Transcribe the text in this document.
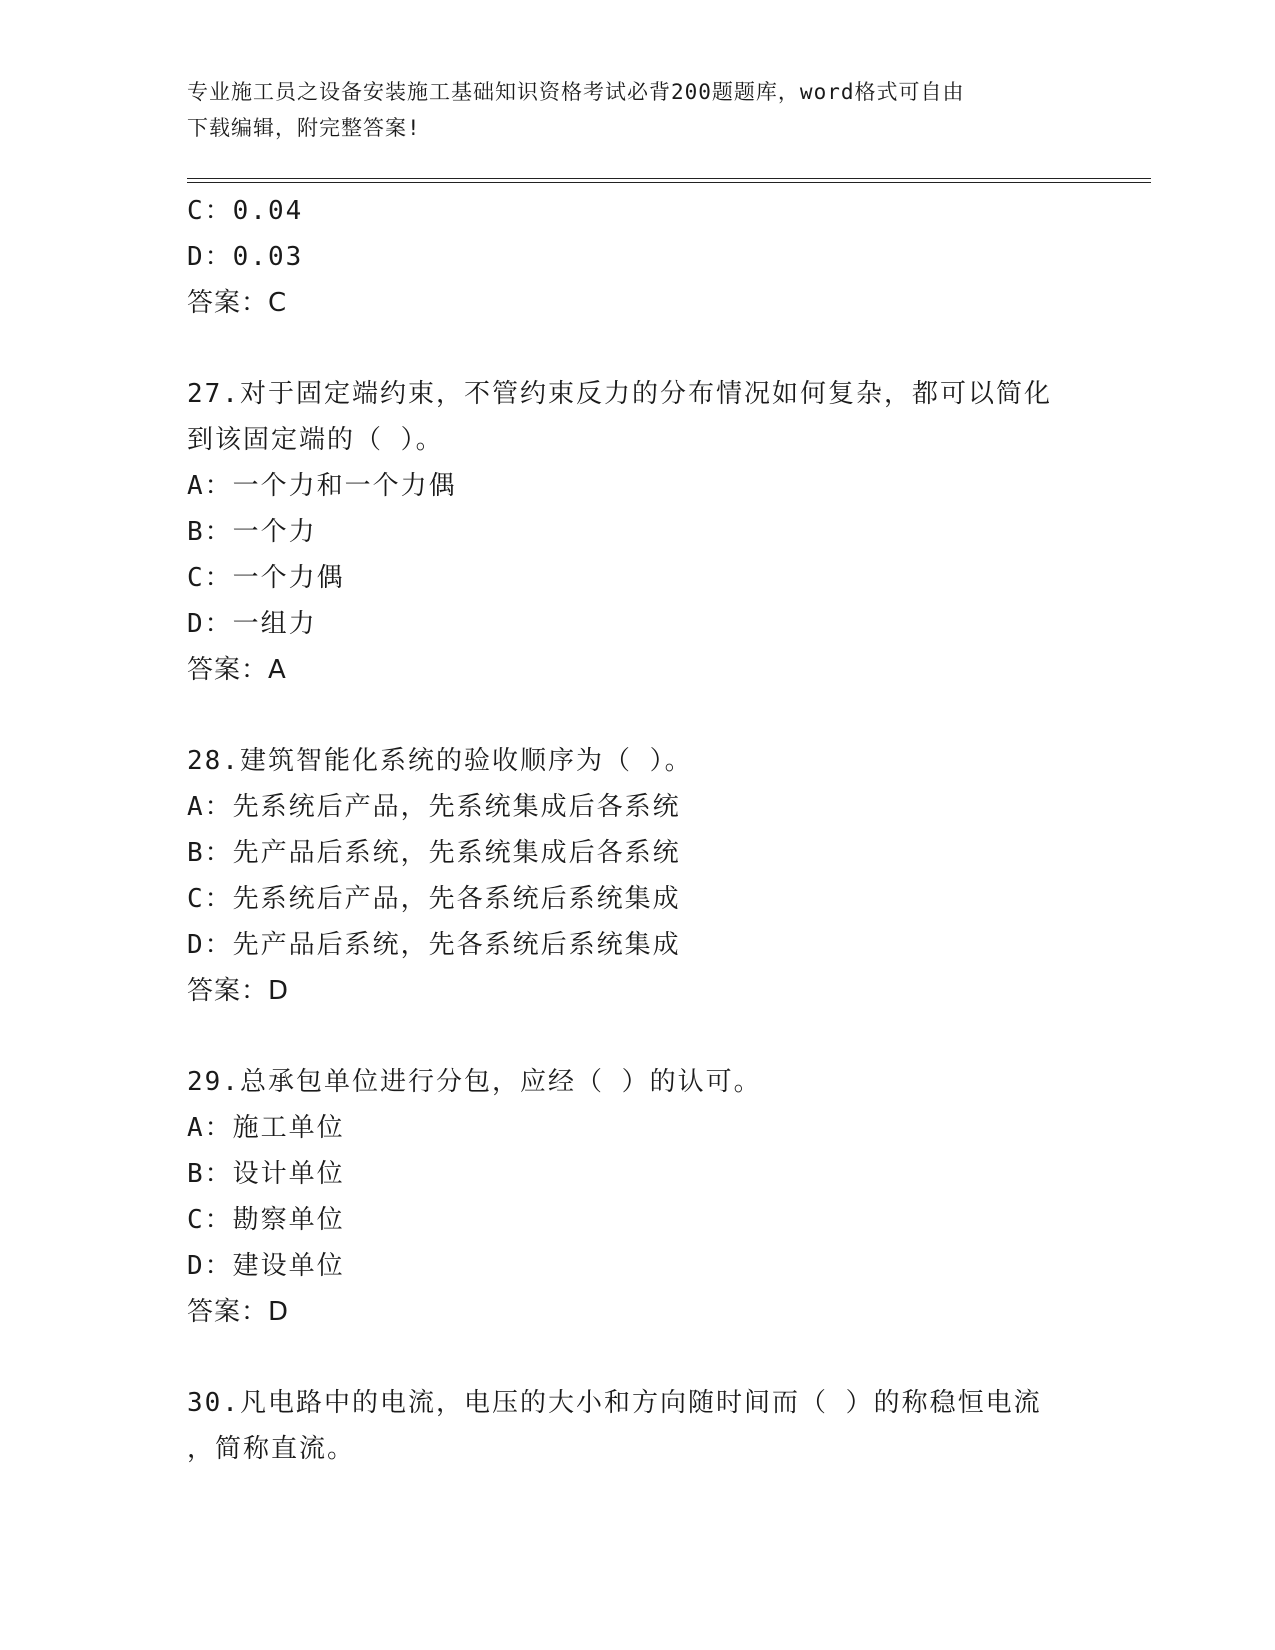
专业施工员之设备安装施工基础知识资格考试必背200题题库，word格式可自由
下载编辑，附完整答案!
C：0.04
D：0.03
答案：C
27.对于固定端约束，不管约束反力的分布情况如何复杂，都可以简化
到该固定端的（ ）。
A：一个力和一个力偶
B：一个力
C：一个力偶
D：一组力
答案：A
28.建筑智能化系统的验收顺序为（ ）。
A：先系统后产品，先系统集成后各系统
B：先产品后系统，先系统集成后各系统
C：先系统后产品，先各系统后系统集成
D：先产品后系统，先各系统后系统集成
答案：D
29.总承包单位进行分包，应经（ ）的认可。
A：施工单位
B：设计单位
C：勘察单位
D：建设单位
答案：D
30.凡电路中的电流，电压的大小和方向随时间而（ ）的称稳恒电流
，简称直流。
